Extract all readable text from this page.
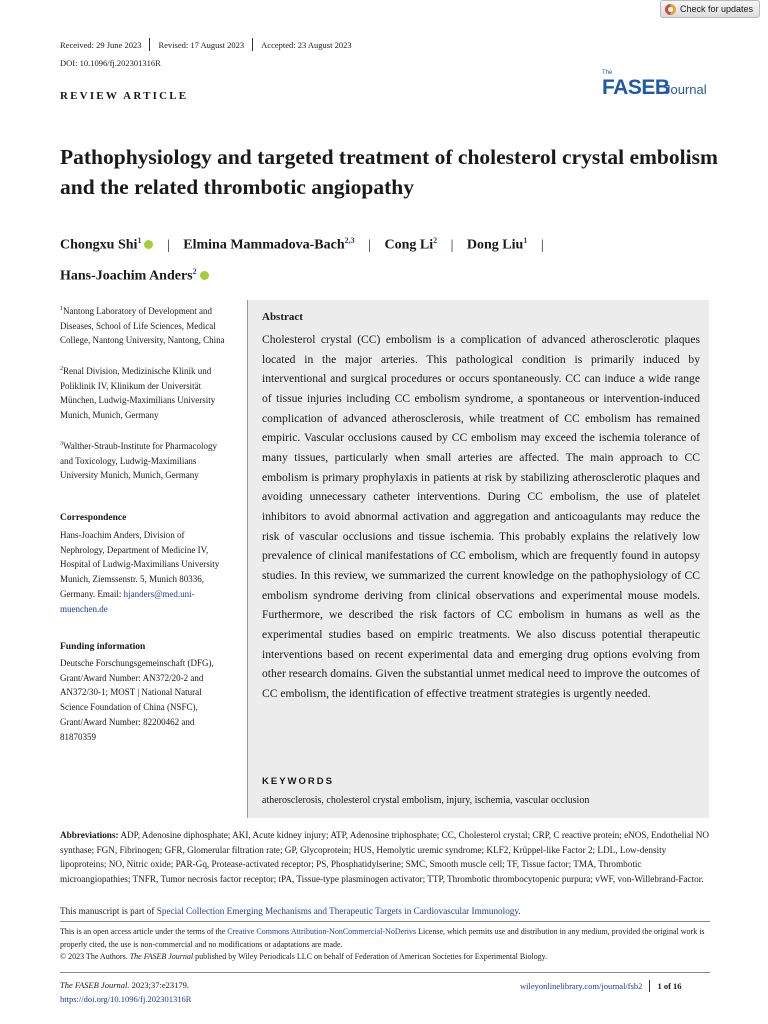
Check for updates
Received: 29 June 2023 Revised: 17 August 2023 Accepted: 23 August 2023
DOI: 10.1096/fj.202301316R
REVIEW ARTICLE
The
FASEB
Journal
Pathophysiology and targeted treatment of cholesterol crystal embolism and the related thrombotic angiopathy
Chongxu Shi$^1$ | Elmina Mammadova-Bach$^{2,3}$ | Cong Li$^2$ | Dong Liu$^1$ |
Hans-Joachim Anders$^2$
$^1$Nantong Laboratory of Development and Diseases, School of Life Sciences, Medical College, Nantong University, Nantong, China
$^2$Renal Division, Medizinische Klinik und Poliklinik IV, Klinikum der Universität München, Ludwig-Maximilians University Munich, Munich, Germany
$^3$Walther-Straub-Institute for Pharmacology and Toxicology, Ludwig-Maximilians University Munich, Munich, Germany
Correspondence
Hans-Joachim Anders, Division of Nephrology, Department of Medicine IV, Hospital of Ludwig-Maximilians University Munich, Ziemssenstr. 5, Munich 80336, Germany. Email: hjanders@med.uni-muenchen.de
Funding information
Deutsche Forschungsgemeinschaft (DFG), Grant/Award Number: AN372/20-2 and AN372/30-1; MOST | National Natural Science Foundation of China (NSFC), Grant/Award Number: 82200462 and 81870359
Abstract
Cholesterol crystal (CC) embolism is a complication of advanced atherosclerotic plaques located in the major arteries. This pathological condition is primarily induced by interventional and surgical procedures or occurs spontaneously. CC can induce a wide range of tissue injuries including CC embolism syndrome, a spontaneous or intervention-induced complication of advanced atherosclerosis, while treatment of CC embolism has remained empiric. Vascular occlusions caused by CC embolism may exceed the ischemia tolerance of many tissues, particularly when small arteries are affected. The main approach to CC embolism is primary prophylaxis in patients at risk by stabilizing atherosclerotic plaques and avoiding unnecessary catheter interventions. During CC embolism, the use of platelet inhibitors to avoid abnormal activation and aggregation and anticoagulants may reduce the risk of vascular occlusions and tissue ischemia. This probably explains the relatively low prevalence of clinical manifestations of CC embolism, which are frequently found in autopsy studies. In this review, we summarized the current knowledge on the pathophysiology of CC embolism syndrome deriving from clinical observations and experimental mouse models. Furthermore, we described the risk factors of CC embolism in humans as well as the experimental studies based on empiric treatments. We also discuss potential therapeutic interventions based on recent experimental data and emerging drug options evolving from other research domains. Given the substantial unmet medical need to improve the outcomes of CC embolism, the identification of effective treatment strategies is urgently needed.
KEYWORDS
atherosclerosis, cholesterol crystal embolism, injury, ischemia, vascular occlusion
Abbreviations: ADP, Adenosine diphosphate; AKI, Acute kidney injury; ATP, Adenosine triphosphate; CC, Cholesterol crystal; CRP, C reactive protein; eNOS, Endothelial NO synthase; FGN, Fibrinogen; GFR, Glomerular filtration rate; GP, Glycoprotein; HUS, Hemolytic uremic syndrome; KLF2, Krüppel-like Factor 2; LDL, Low-density lipoproteins; NO, Nitric oxide; PAR-Gq, Protease-activated receptor; PS, Phosphatidylserine; SMC, Smooth muscle cell; TF, Tissue factor; TMA, Thrombotic microangiopathies; TNFR, Tumor necrosis factor receptor; tPA, Tissue-type plasminogen activator; TTP, Thrombotic thrombocytopenic purpura; vWF, von-Willebrand-Factor.
This manuscript is part of Special Collection Emerging Mechanisms and Therapeutic Targets in Cardiovascular Immunology.
This is an open access article under the terms of the Creative Commons Attribution-NonCommercial-NoDerivs License, which permits use and distribution in any medium, provided the original work is properly cited, the use is non-commercial and no modifications or adaptations are made.
© 2023 The Authors. The FASEB Journal published by Wiley Periodicals LLC on behalf of Federation of American Societies for Experimental Biology.
The FASEB Journal. 2023;37:e23179.
https://doi.org/10.1096/fj.202301316R
wileyonlinelibrary.com/journal/fsb2 1 of 16
